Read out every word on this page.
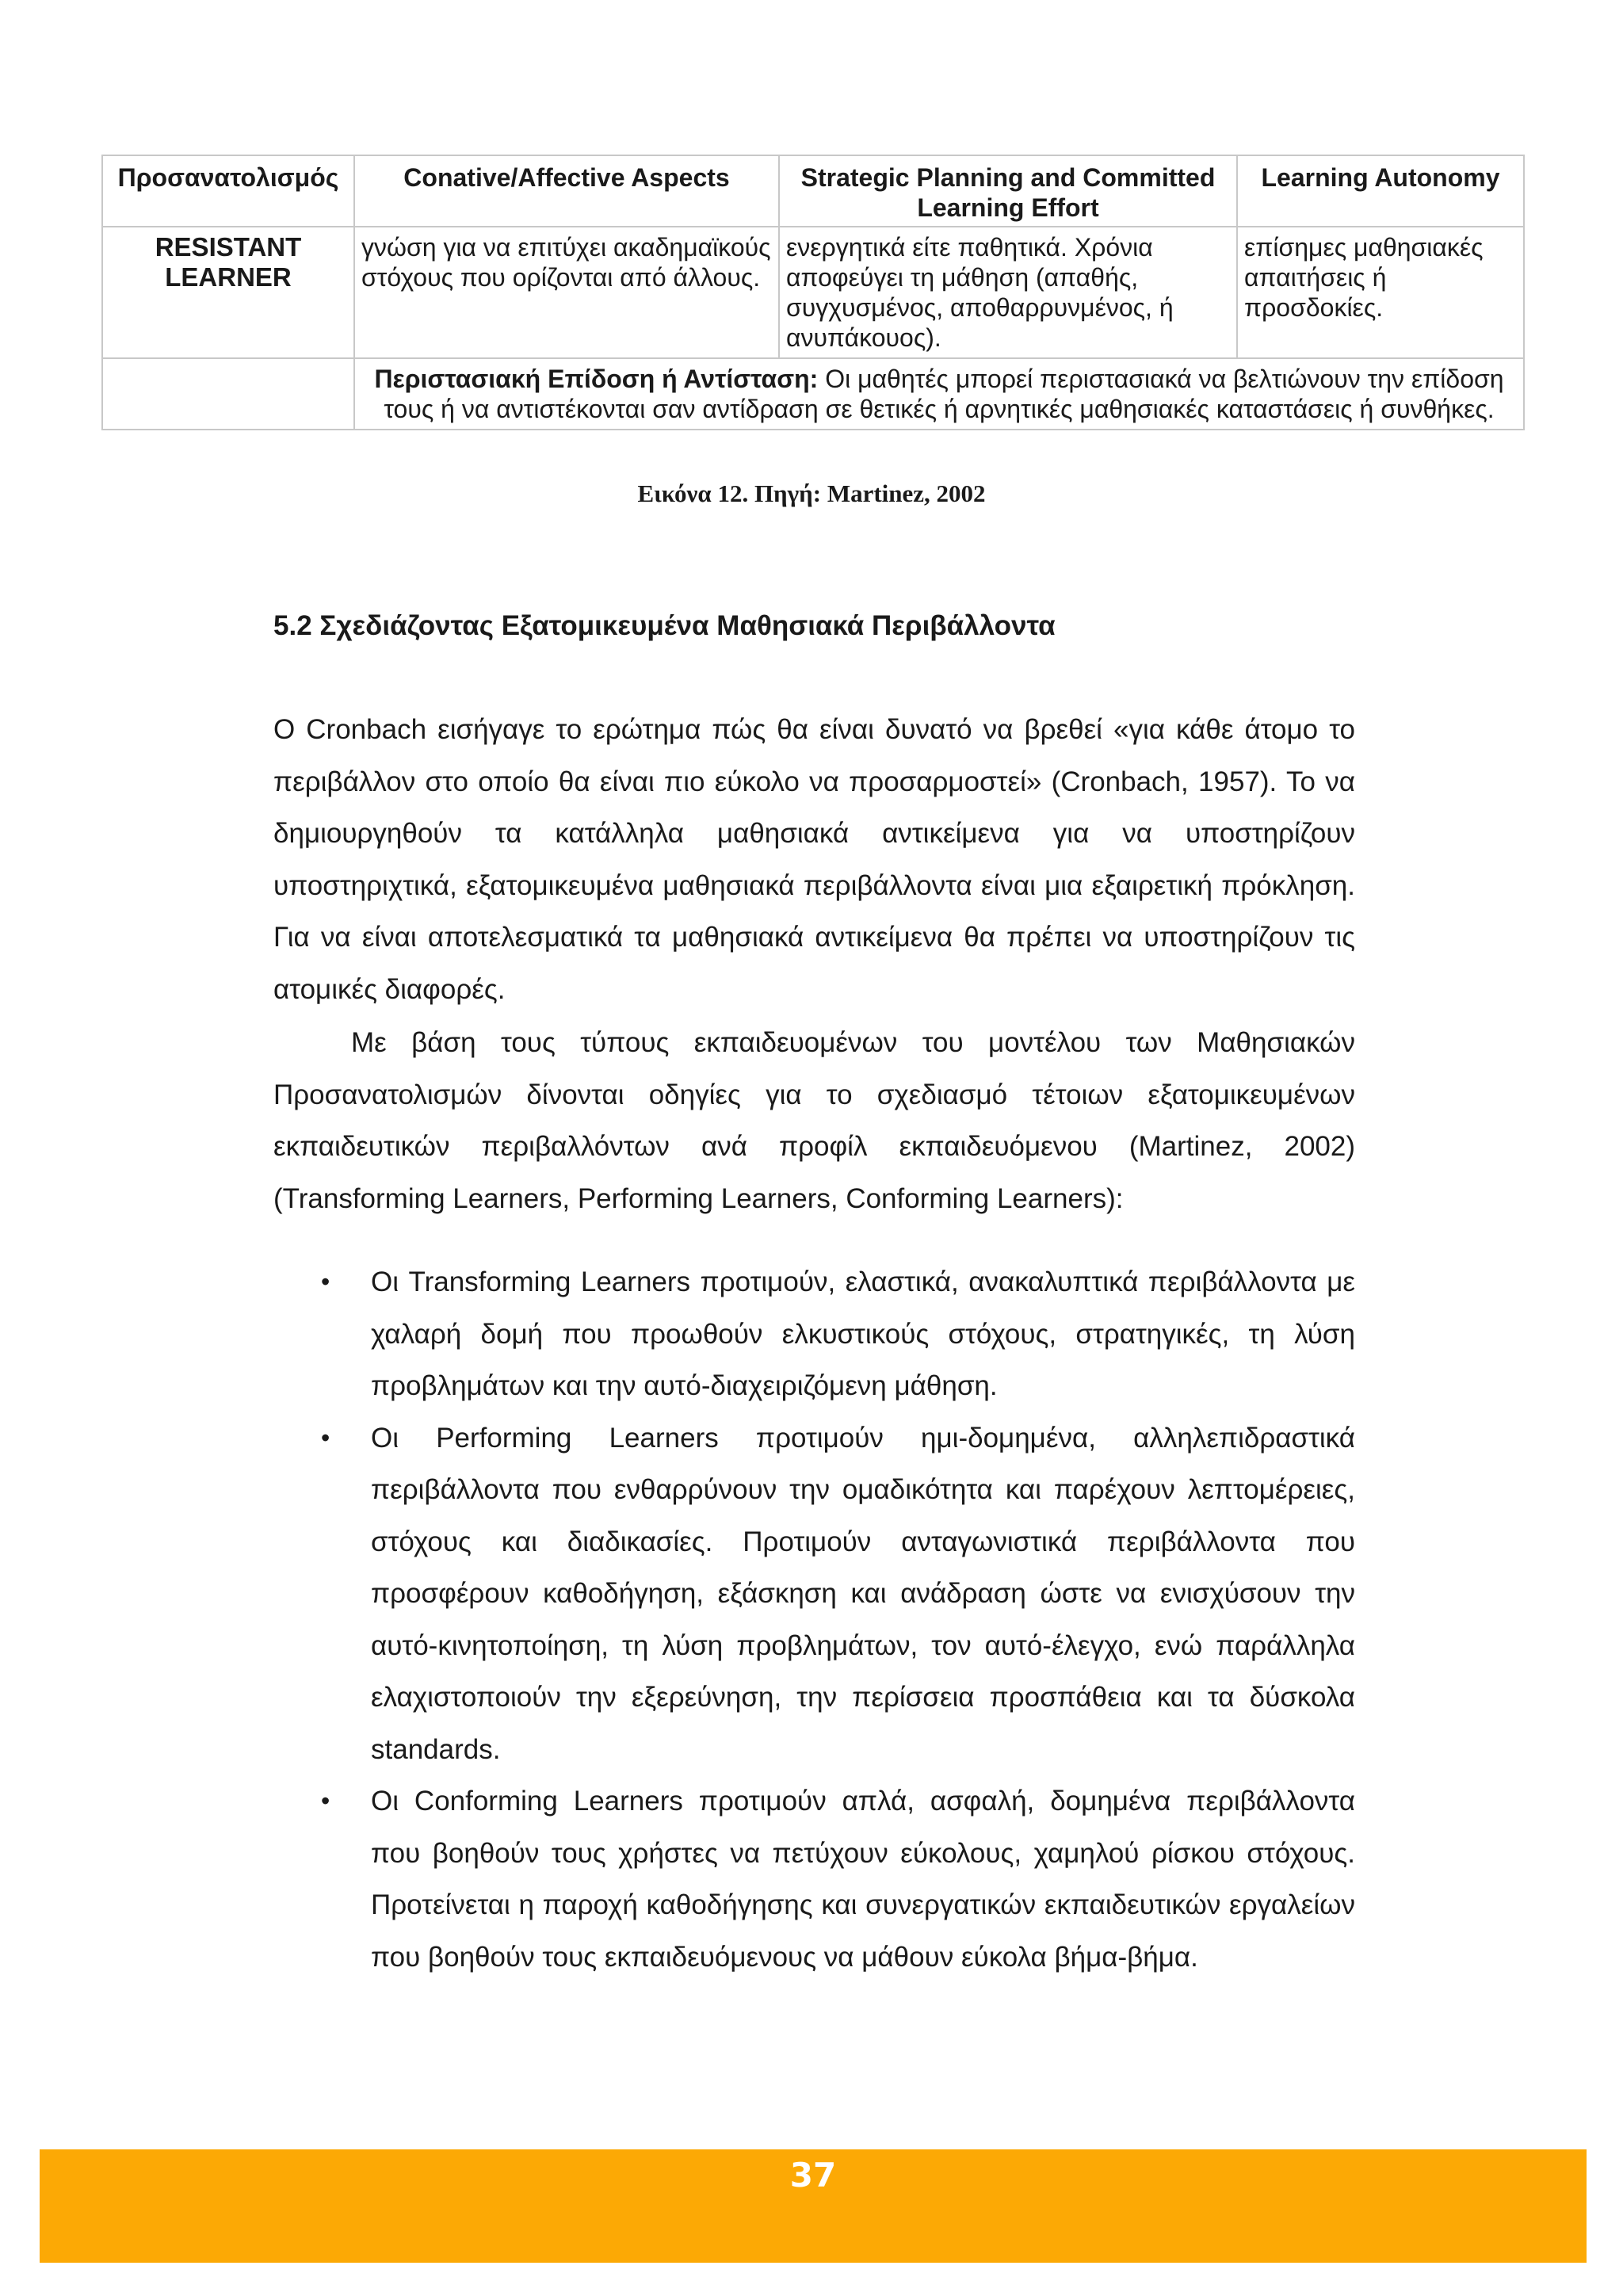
Προσανατολισμός	Conative/Affective Aspects	Strategic Planning and Committed Learning Effort	Learning Autonomy
RESISTANT LEARNER	γνώση για να επιτύχει ακαδημαϊκούς στόχους που ορίζονται από άλλους.	ενεργητικά είτε παθητικά. Χρόνια αποφεύγει τη μάθηση (απαθής, συγχυσμένος, αποθαρρυνμένος, ή ανυπάκουος).	επίσημες μαθησιακές απαιτήσεις ή προσδοκίες.
	Περιστασιακή Επίδοση ή Αντίσταση: Οι μαθητές μπορεί περιστασιακά να βελτιώνουν την επίδοση τους ή να αντιστέκονται σαν αντίδραση σε θετικές ή αρνητικές μαθησιακές καταστάσεις ή συνθήκες.		
Εικόνα 12. Πηγή: Martinez, 2002
5.2 Σχεδιάζοντας Εξατομικευμένα Μαθησιακά Περιβάλλοντα
Ο Cronbach εισήγαγε το ερώτημα πώς θα είναι δυνατό να βρεθεί «για κάθε άτομο το περιβάλλον στο οποίο θα είναι πιο εύκολο να προσαρμοστεί» (Cronbach, 1957). Το να δημιουργηθούν τα κατάλληλα μαθησιακά αντικείμενα για να υποστηρίζουν υποστηριχτικά, εξατομικευμένα μαθησιακά περιβάλλοντα είναι μια εξαιρετική πρόκληση. Για να είναι αποτελεσματικά τα μαθησιακά αντικείμενα θα πρέπει να υποστηρίζουν τις ατομικές διαφορές.
Με βάση τους τύπους εκπαιδευομένων του μοντέλου των Μαθησιακών Προσανατολισμών δίνονται οδηγίες για το σχεδιασμό τέτοιων εξατομικευμένων εκπαιδευτικών περιβαλλόντων ανά προφίλ εκπαιδευόμενου (Martinez, 2002) (Transforming Learners, Performing Learners, Conforming Learners):
• Οι Transforming Learners προτιμούν, ελαστικά, ανακαλυπτικά περιβάλλοντα με χαλαρή δομή που προωθούν ελκυστικούς στόχους, στρατηγικές, τη λύση προβλημάτων και την αυτό-διαχειριζόμενη μάθηση.
• Οι Performing Learners προτιμούν ημι-δομημένα, αλληλεπιδραστικά περιβάλλοντα που ενθαρρύνουν την ομαδικότητα και παρέχουν λεπτομέρειες, στόχους και διαδικασίες. Προτιμούν ανταγωνιστικά περιβάλλοντα που προσφέρουν καθοδήγηση, εξάσκηση και ανάδραση ώστε να ενισχύσουν την αυτό-κινητοποίηση, τη λύση προβλημάτων, τον αυτό-έλεγχο, ενώ παράλληλα ελαχιστοποιούν την εξερεύνηση, την περίσσεια προσπάθεια και τα δύσκολα standards.
• Οι Conforming Learners προτιμούν απλά, ασφαλή, δομημένα περιβάλλοντα που βοηθούν τους χρήστες να πετύχουν εύκολους, χαμηλού ρίσκου στόχους. Προτείνεται η παροχή καθοδήγησης και συνεργατικών εκπαιδευτικών εργαλείων που βοηθούν τους εκπαιδευόμενους να μάθουν εύκολα βήμα-βήμα.
37
